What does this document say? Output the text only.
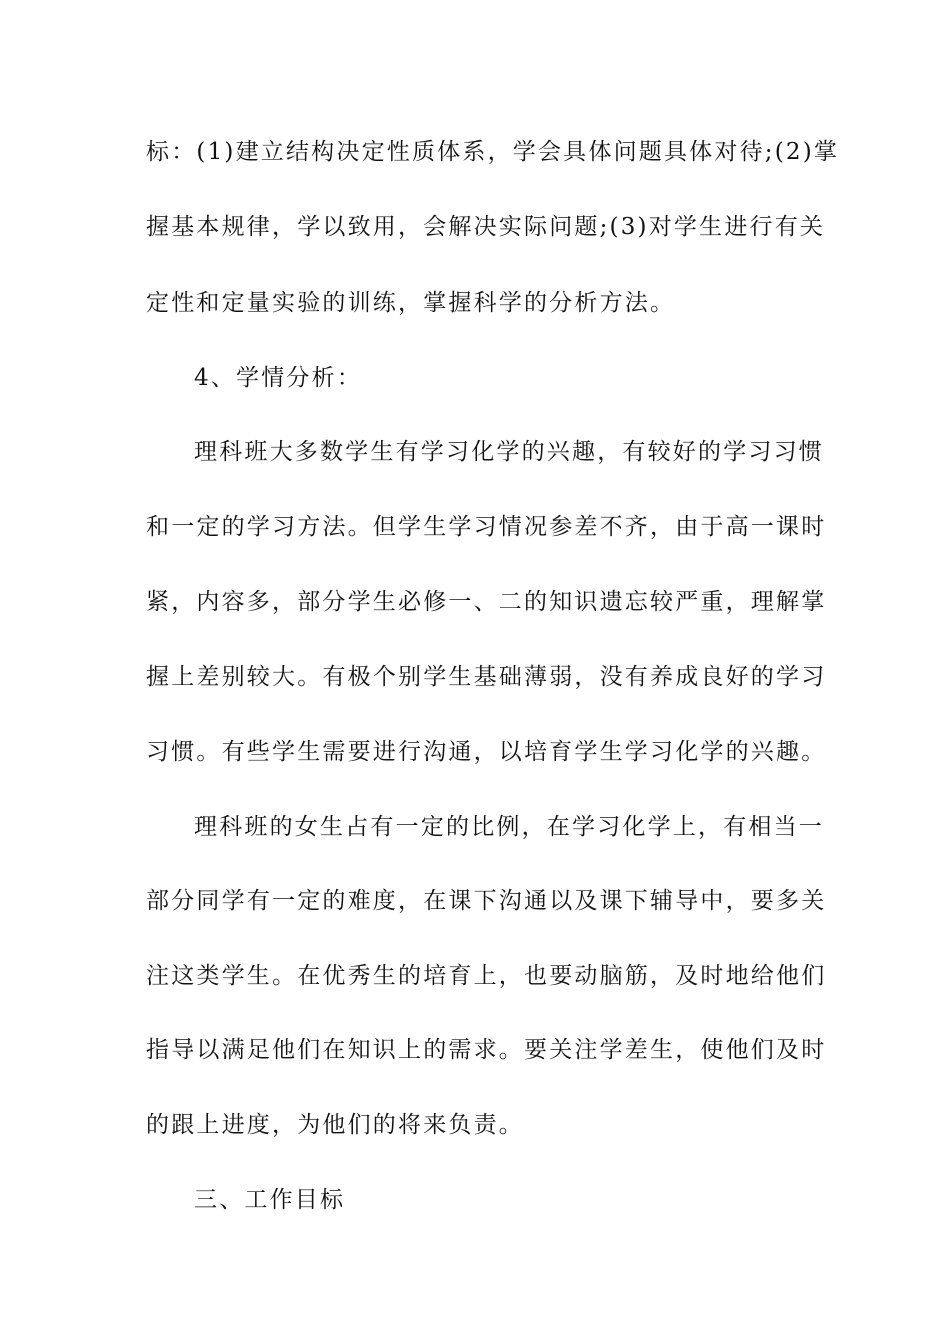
标：(1)建立结构决定性质体系，学会具体问题具体对待;(2)掌
握基本规律，学以致用，会解决实际问题;(3)对学生进行有关
定性和定量实验的训练，掌握科学的分析方法。
4、学情分析：
理科班大多数学生有学习化学的兴趣，有较好的学习习惯
和一定的学习方法。但学生学习情况参差不齐，由于高一课时
紧，内容多，部分学生必修一、二的知识遗忘较严重，理解掌
握上差别较大。有极个别学生基础薄弱，没有养成良好的学习
习惯。有些学生需要进行沟通，以培育学生学习化学的兴趣。
理科班的女生占有一定的比例，在学习化学上，有相当一
部分同学有一定的难度，在课下沟通以及课下辅导中，要多关
注这类学生。在优秀生的培育上，也要动脑筋，及时地给他们
指导以满足他们在知识上的需求。要关注学差生，使他们及时
的跟上进度，为他们的将来负责。
三、工作目标
